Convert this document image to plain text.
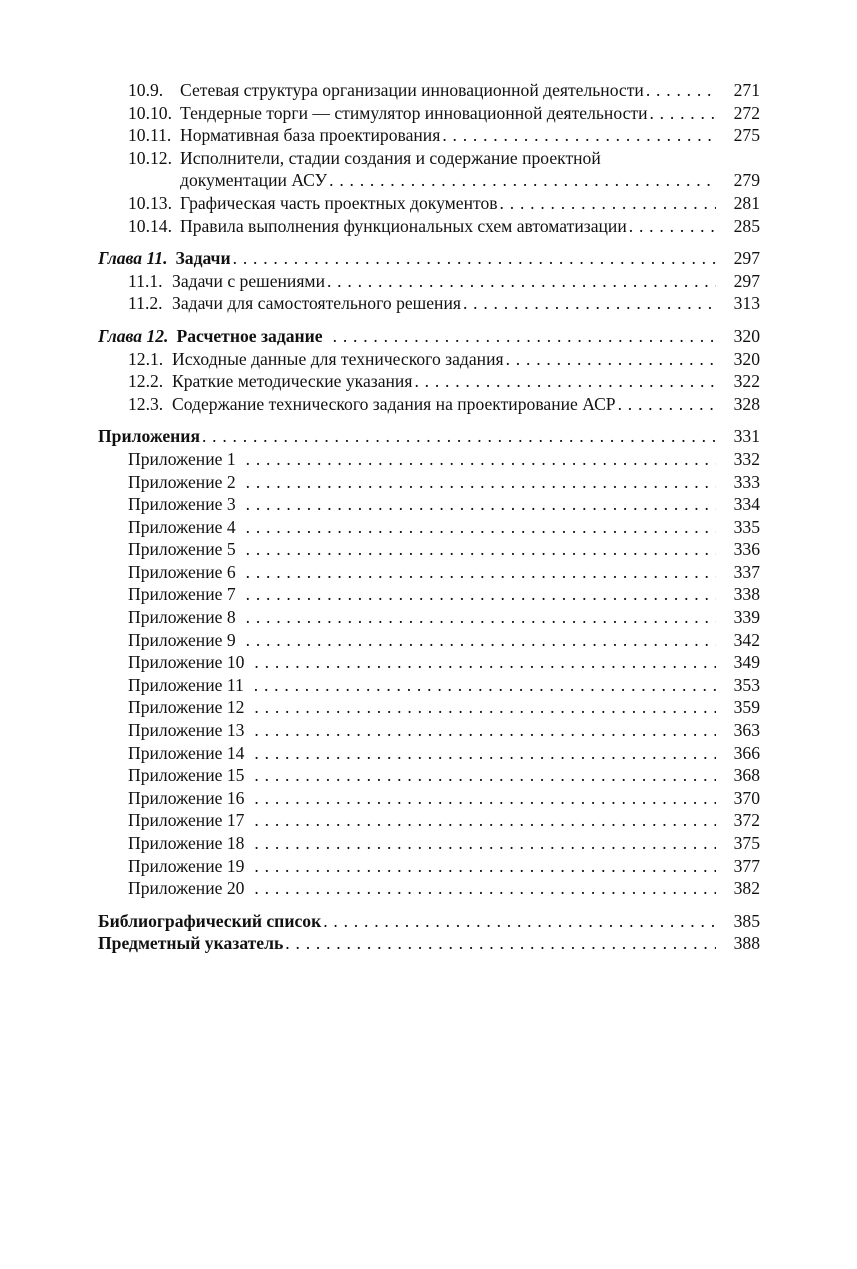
10.9. Сетевая структура организации инновационной деятельности . . .	271
10.10. Тендерные торги — стимулятор инновационной деятельности . . .	272
10.11. Нормативная база проектирования . . .	275
10.12. Исполнители, стадии создания и содержание проектной
документации АСУ . . .	279
10.13. Графическая часть проектных документов . . .	281
10.14. Правила выполнения функциональных схем автоматизации . . .	285
Глава 11. Задачи . . .	297
11.1. Задачи с решениями . . .	297
11.2. Задачи для самостоятельного решения . . .	313
Глава 12. Расчетное задание . . .	320
12.1. Исходные данные для технического задания . . .	320
12.2. Краткие методические указания . . .	322
12.3. Содержание технического задания на проектирование АСР . . .	328
Приложения . . .	331
Приложение 1 . . .	332
Приложение 2 . . .	333
Приложение 3 . . .	334
Приложение 4 . . .	335
Приложение 5 . . .	336
Приложение 6 . . .	337
Приложение 7 . . .	338
Приложение 8 . . .	339
Приложение 9 . . .	342
Приложение 10 . . .	349
Приложение 11 . . .	353
Приложение 12 . . .	359
Приложение 13 . . .	363
Приложение 14 . . .	366
Приложение 15 . . .	368
Приложение 16 . . .	370
Приложение 17 . . .	372
Приложение 18 . . .	375
Приложение 19 . . .	377
Приложение 20 . . .	382
Библиографический список . . .	385
Предметный указатель . . .	388
